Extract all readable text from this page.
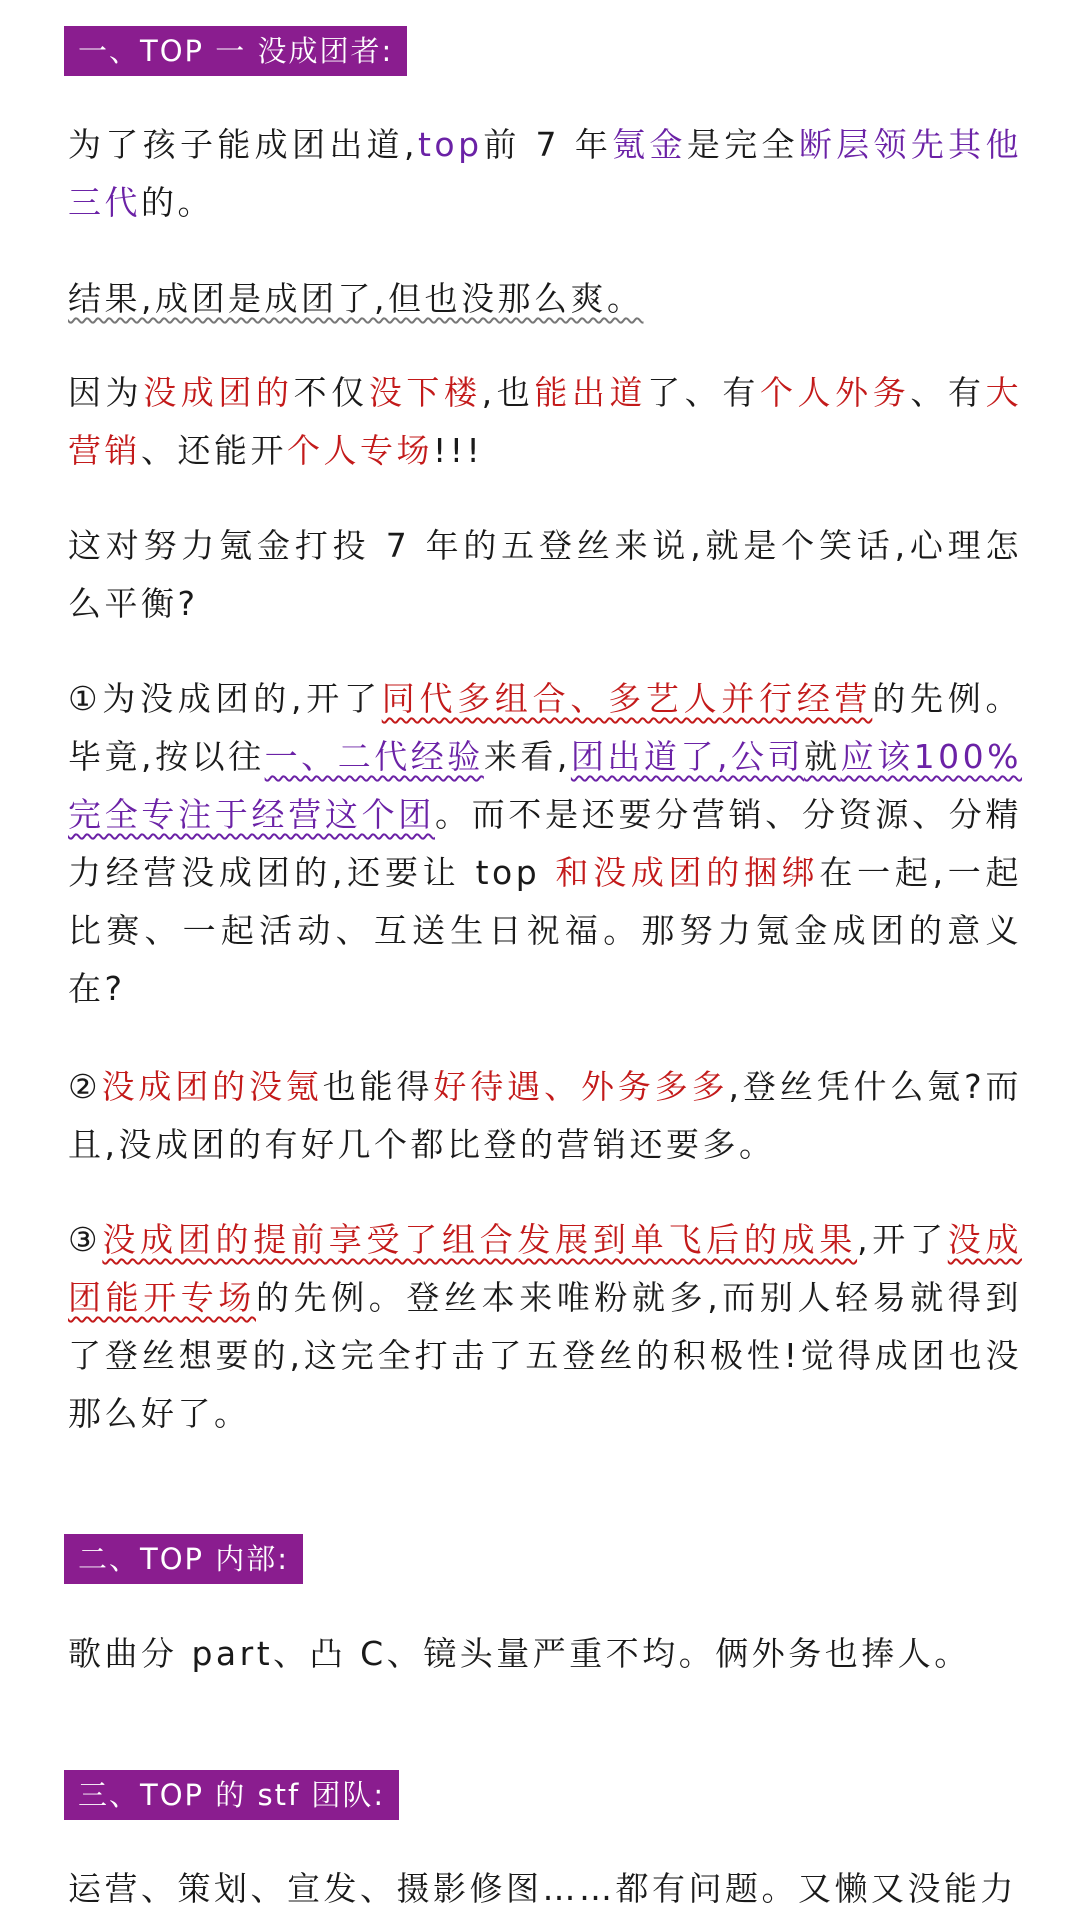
一、TOP 一 没成团者:

为了孩子能成团出道,top前 7 年氪金是完全断层领先其他三代的。

结果,成团是成团了,但也没那么爽。

因为没成团的不仅没下楼,也能出道了、有个人外务、有大营销、还能开个人专场!!!

这对努力氪金打投 7 年的五登丝来说,就是个笑话,心理怎么平衡?

①为没成团的,开了同代多组合、多艺人并行经营的先例。毕竟,按以往一、二代经验来看,团出道了,公司就应该100%完全专注于经营这个团。而不是还要分营销、分资源、分精力经营没成团的,还要让 top 和没成团的捆绑在一起,一起比赛、一起活动、互送生日祝福。那努力氪金成团的意义在?

②没成团的没氪也能得好待遇、外务多多,登丝凭什么氪?而且,没成团的有好几个都比登的营销还要多。

③没成团的提前享受了组合发展到单飞后的成果,开了没成团能开专场的先例。登丝本来唯粉就多,而别人轻易就得到了登丝想要的,这完全打击了五登丝的积极性!觉得成团也没那么好了。

二、TOP 内部:

歌曲分 part、凸 C、镜头量严重不均。俩外务也捧人。

三、TOP 的 stf 团队:

运营、策划、宣发、摄影修图……都有问题。又懒又没能力
